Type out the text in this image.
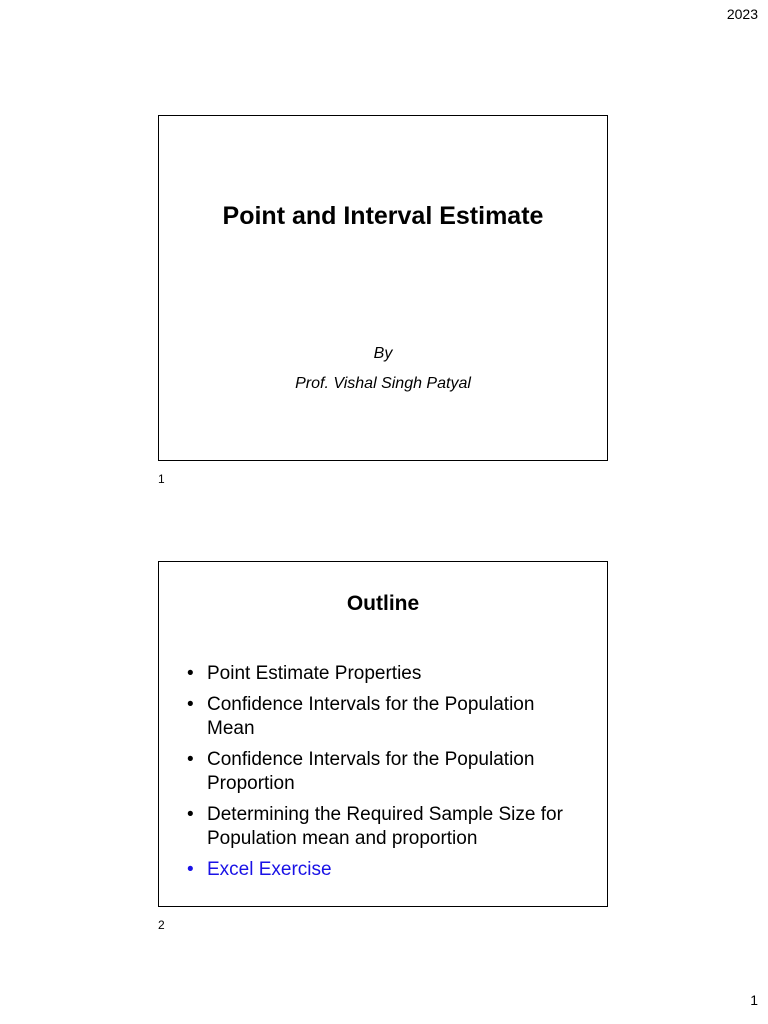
2023
Point and Interval Estimate
By
Prof. Vishal Singh Patyal
1
Outline
• Point Estimate Properties
• Confidence Intervals for the Population Mean
• Confidence Intervals for the Population Proportion
• Determining the Required Sample Size for Population mean and proportion
• Excel Exercise
2
1
